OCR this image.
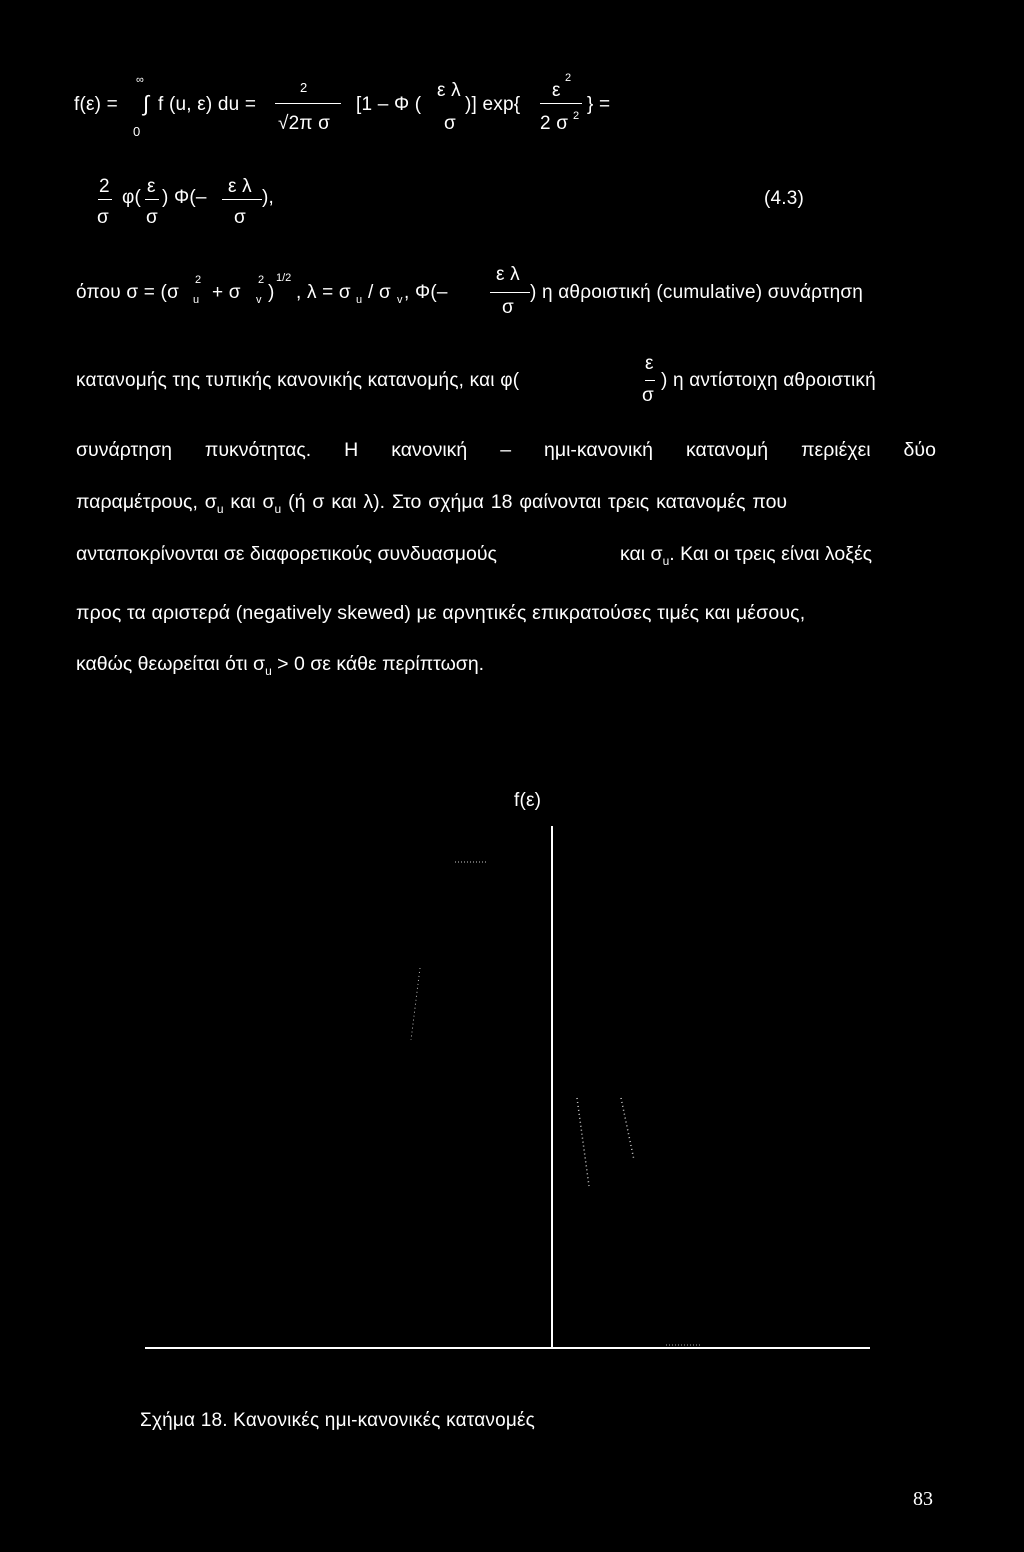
f(ε) =
∞
∫
0
f (u, ε) du =
2
√2π σ
[1 – Φ (
ε λ
σ
)] exp{
ε
2
2 σ 2
} =
2
σ
φ(
ε
σ
) Φ(–
ε λ
σ
),	(4.3)
όπου σ = (σ u
2
+ σ v
2
)
1/2
, λ = σ u / σ v , Φ(–
ε λ
σ
) η αθροιστική (cumulative) συνάρτηση
κατανομής της τυπικής κανονικής κατανομής, και φ(
ε
σ
) η αντίστοιχη αθροιστική
συνάρτηση πυκνότητας. Η κανονική – ημι-κανονική κατανομή περιέχει δύο
παραμέτρους, $\sigma_u$ και $\sigma_u$ (ή σ και λ). Στο σχήμα 18 φαίνονται τρεις κατανομές που
ανταποκρίνονται σε διαφορετικούς συνδυασμούς	και $\sigma_u$. Και οι τρεις είναι λοξές
προς τα αριστερά (negatively skewed) με αρνητικές επικρατούσες τιμές και μέσους,
καθώς θεωρείται ότι $\sigma_u > 0$ σε κάθε περίπτωση.
f(ε)
Σχήμα 18. Κανονικές ημι-κανονικές κατανομές
83
